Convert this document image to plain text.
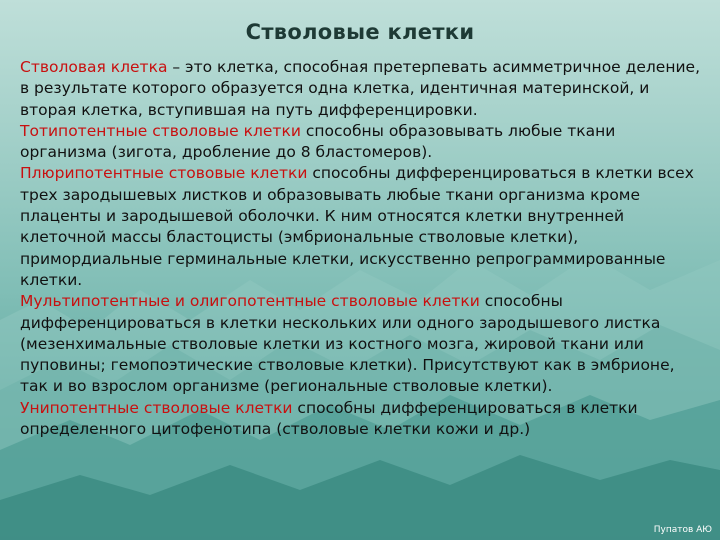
Стволовые клетки

Стволовая клетка – это клетка, способная претерпевать асимметричное деление, в результате которого образуется одна клетка, идентичная материнской, и вторая клетка, вступившая на путь дифференцировки.

Тотипотентные стволовые клетки способны образовывать любые ткани организма (зигота, дробление до 8 бластомеров).

Плюрипотентные стововые клетки способны дифференцироваться в клетки всех трех зародышевых листков и образовывать любые ткани организма кроме плаценты и зародышевой оболочки. К ним относятся клетки внутренней клеточной массы бластоцисты (эмбриональные стволовые клетки), примордиальные герминальные клетки, искусственно репрограммированные клетки.

Мультипотентные и олигопотентные стволовые клетки способны дифференцироваться в клетки нескольких или одного зародышевого листка (мезенхимальные стволовые клетки из костного мозга, жировой ткани или пуповины; гемопоэтические стволовые клетки). Присутствуют как в эмбрионе, так и во взрослом организме (региональные стволовые клетки).

Унипотентные стволовые клетки способны дифференцироваться в клетки определенного цитофенотипа (стволовые клетки кожи и др.)

Пупатов АЮ
